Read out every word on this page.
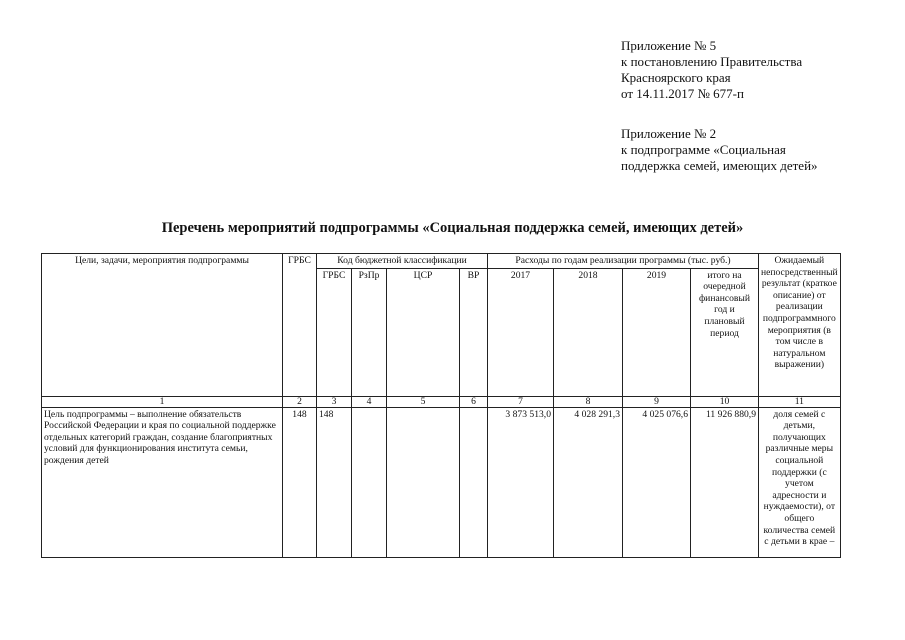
Приложение № 5
к постановлению Правительства
Красноярского края
от 14.11.2017 № 677-п
Приложение № 2
к подпрограмме «Социальная
поддержка семей, имеющих детей»
Перечень мероприятий подпрограммы «Социальная поддержка семей, имеющих детей»
Цели, задачи, мероприятия подпрограммы	ГРБС	Код бюджетной классификации				Расходы по годам реализации программы (тыс. руб.)				Ожидаемый непосредственный результат (краткое описание) от реализации подпрограммного мероприятия (в том числе в натуральном выражении)
		ГРБС	РзПр	ЦСР	ВР	2017	2018	2019	итого на очередной финансовый год и плановый период	
1	2	3	4	5	6	7	8	9	10	11
Цель подпрограммы – выполнение обязательств Российской Федерации и края по социальной поддержке отдельных категорий граждан, создание благоприятных условий для функционирования института семьи, рождения детей	148	148				3 873 513,0	4 028 291,3	4 025 076,6	11 926 880,9	доля семей с детьми, получающих различные меры социальной поддержки (с учетом адресности и нуждаемости), от общего количества семей с детьми в крае –
